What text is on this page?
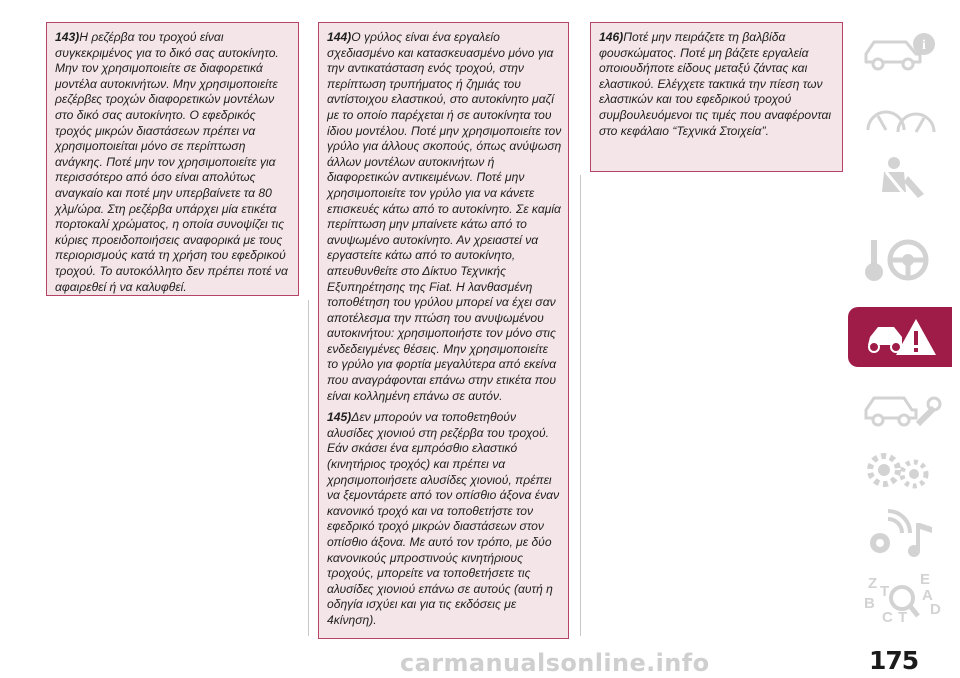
143)Η ρεζέρβα του τροχού είναι συγκεκριμένος για το δικό σας αυτοκίνητο. Μην τον χρησιμοποιείτε σε διαφορετικά μοντέλα αυτοκινήτων. Μην χρησιμοποιείτε ρεζέρβες τροχών διαφορετικών μοντέλων στο δικό σας αυτοκίνητο. Ο εφεδρικός τροχός μικρών διαστάσεων πρέπει να χρησιμοποιείται μόνο σε περίπτωση ανάγκης. Ποτέ μην τον χρησιμοποιείτε για περισσότερο από όσο είναι απολύτως αναγκαίο και ποτέ μην υπερβαίνετε τα 80 χλμ/ώρα. Στη ρεζέρβα υπάρχει μία ετικέτα πορτοκαλί χρώματος, η οποία συνοψίζει τις κύριες προειδοποιήσεις αναφορικά με τους περιορισμούς κατά τη χρήση του εφεδρικού τροχού. Το αυτοκόλλητο δεν πρέπει ποτέ να αφαιρεθεί ή να καλυφθεί.

144)Ο γρύλος είναι ένα εργαλείο σχεδιασμένο και κατασκευασμένο μόνο για την αντικατάσταση ενός τροχού, στην περίπτωση τρυπήματος ή ζημιάς του αντίστοιχου ελαστικού, στο αυτοκίνητο μαζί με το οποίο παρέχεται ή σε αυτοκίνητα του ίδιου μοντέλου. Ποτέ μην χρησιμοποιείτε τον γρύλο για άλλους σκοπούς, όπως ανύψωση άλλων μοντέλων αυτοκινήτων ή διαφορετικών αντικειμένων. Ποτέ μην χρησιμοποιείτε τον γρύλο για να κάνετε επισκευές κάτω από το αυτοκίνητο. Σε καμία περίπτωση μην μπαίνετε κάτω από το ανυψωμένο αυτοκίνητο. Αν χρειαστεί να εργαστείτε κάτω από το αυτοκίνητο, απευθυνθείτε στο Δίκτυο Τεχνικής Εξυπηρέτησης της Fiat. Η λανθασμένη τοποθέτηση του γρύλου μπορεί να έχει σαν αποτέλεσμα την πτώση του ανυψωμένου αυτοκινήτου: χρησιμοποιήστε τον μόνο στις ενδεδειγμένες θέσεις. Μην χρησιμοποιείτε το γρύλο για φορτία μεγαλύτερα από εκείνα που αναγράφονται επάνω στην ετικέτα που είναι κολλημένη επάνω σε αυτόν.

145)Δεν μπορούν να τοποθετηθούν αλυσίδες χιονιού στη ρεζέρβα του τροχού. Εάν σκάσει ένα εμπρόσθιο ελαστικό (κινητήριος τροχός) και πρέπει να χρησιμοποιήσετε αλυσίδες χιονιού, πρέπει να ξεμοντάρετε από τον οπίσθιο άξονα έναν κανονικό τροχό και να τοποθετήστε τον εφεδρικό τροχό μικρών διαστάσεων στον οπίσθιο άξονα. Με αυτό τον τρόπο, με δύο κανονικούς μπροστινούς κινητήριους τροχούς, μπορείτε να τοποθετήσετε τις αλυσίδες χιονιού επάνω σε αυτούς (αυτή η οδηγία ισχύει και για τις εκδόσεις με 4κίνηση).

146)Ποτέ μην πειράζετε τη βαλβίδα φουσκώματος. Ποτέ μη βάζετε εργαλεία οποιουδήποτε είδους μεταξύ ζάντας και ελαστικού. Ελέγχετε τακτικά την πίεση των ελαστικών και του εφεδρικού τροχού συμβουλευόμενοι τις τιμές που αναφέρονται στο κεφάλαιο “Τεχνικά Στοιχεία”.

i
Z	E
B
C T D
A
T
carmanualsonline.info	175
